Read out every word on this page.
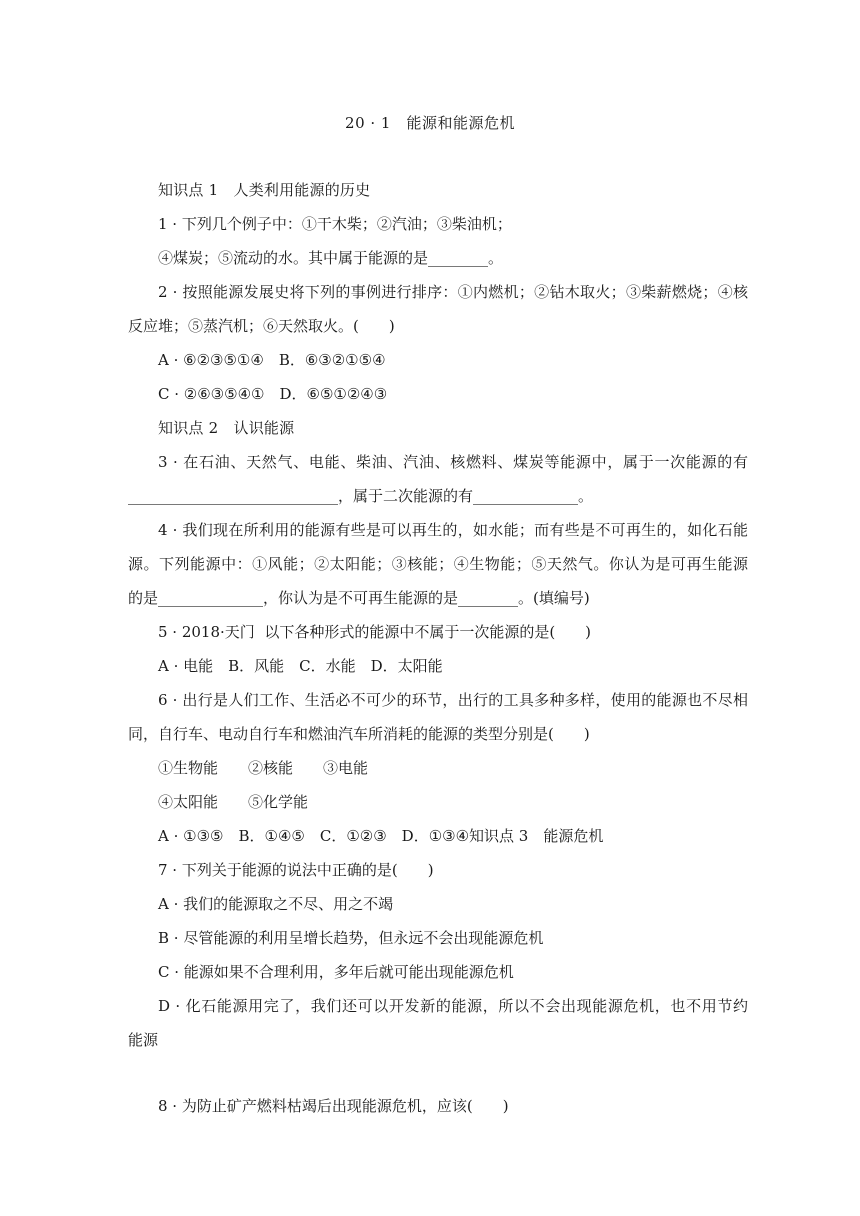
20 · 1　能源和能源危机
知识点 1　人类利用能源的历史
1 · 下列几个例子中：①干木柴；②汽油；③柴油机；
④煤炭；⑤流动的水。其中属于能源的是________。
2 · 按照能源发展史将下列的事例进行排序：①内燃机；②钻木取火；③柴薪燃烧；④核
反应堆；⑤蒸汽机；⑥天然取火。(　　)
A · ⑥②③⑤①④　B．⑥③②①⑤④
C · ②⑥③⑤④①　D．⑥⑤①②④③
知识点 2　认识能源
3 · 在石油、天然气、电能、柴油、汽油、核燃料、煤炭等能源中，属于一次能源的有
____________________________，属于二次能源的有______________。
4 · 我们现在所利用的能源有些是可以再生的，如水能；而有些是不可再生的，如化石能
源。下列能源中：①风能；②太阳能；③核能；④生物能；⑤天然气。你认为是可再生能源
的是______________，你认为是不可再生能源的是________。(填编号)
5 · 2018·天门  以下各种形式的能源中不属于一次能源的是(　　)
A · 电能　B．风能　C．水能　D．太阳能
6 · 出行是人们工作、生活必不可少的环节，出行的工具多种多样，使用的能源也不尽相
同，自行车、电动自行车和燃油汽车所消耗的能源的类型分别是(　　)
①生物能　　②核能　　③电能
④太阳能　　⑤化学能
A · ①③⑤　B．①④⑤　C．①②③　D．①③④知识点 3　能源危机
7 · 下列关于能源的说法中正确的是(　　)
A · 我们的能源取之不尽、用之不竭
B · 尽管能源的利用呈增长趋势，但永远不会出现能源危机
C · 能源如果不合理利用，多年后就可能出现能源危机
D · 化石能源用完了，我们还可以开发新的能源，所以不会出现能源危机，也不用节约
能源
8 · 为防止矿产燃料枯竭后出现能源危机，应该(　　)
